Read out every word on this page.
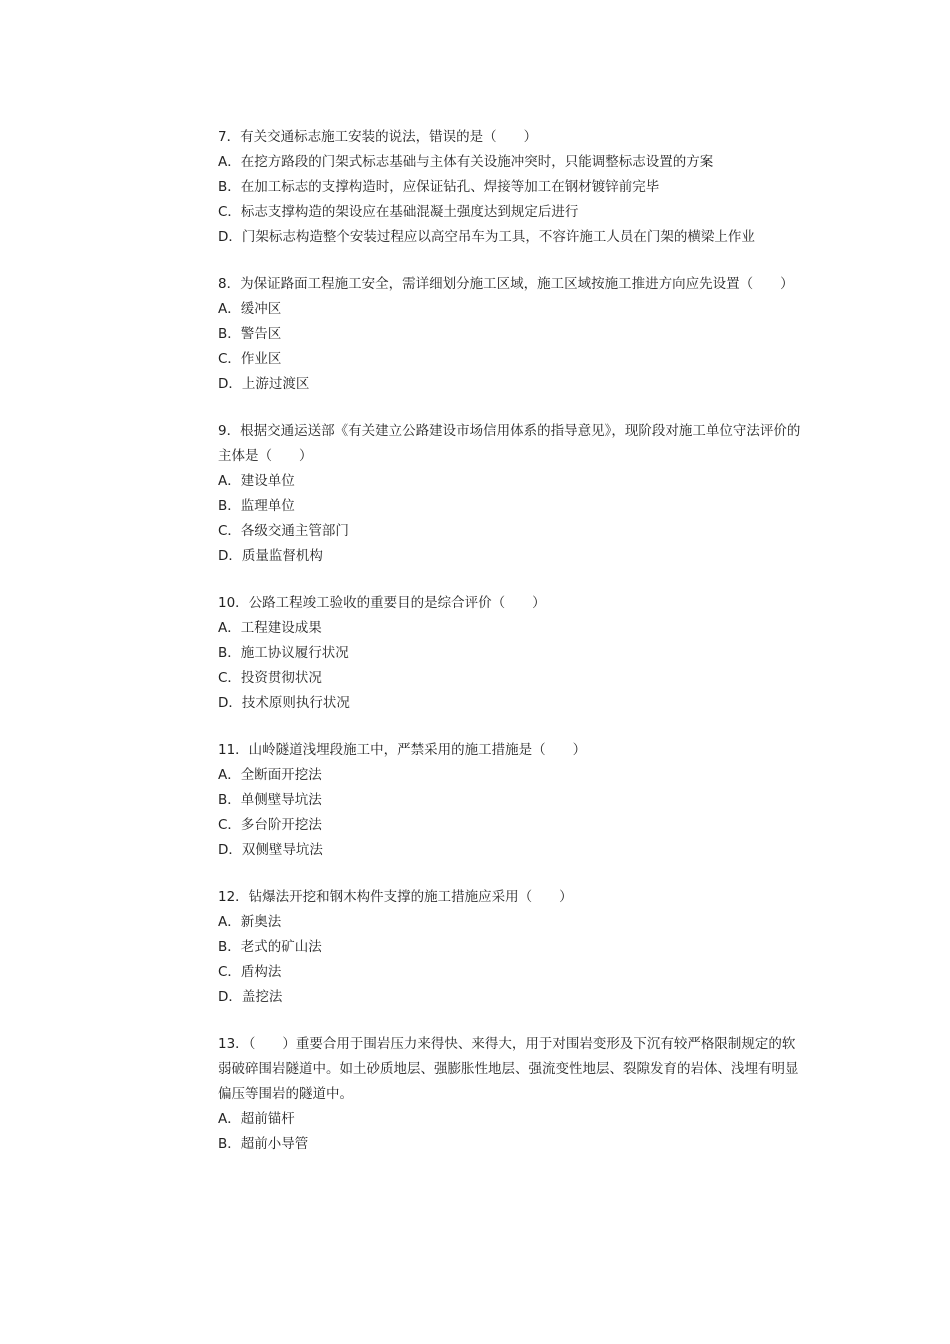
7．有关交通标志施工安装的说法，错误的是（　　）
A．在挖方路段的门架式标志基础与主体有关设施冲突时，只能调整标志设置的方案
B．在加工标志的支撑构造时，应保证钻孔、焊接等加工在钢材镀锌前完毕
C．标志支撑构造的架设应在基础混凝土强度达到规定后进行
D．门架标志构造整个安装过程应以高空吊车为工具，不容许施工人员在门架的横梁上作业
8．为保证路面工程施工安全，需详细划分施工区域，施工区域按施工推进方向应先设置（　　）
A．缓冲区
B．警告区
C．作业区
D．上游过渡区
9．根据交通运送部《有关建立公路建设市场信用体系的指导意见》，现阶段对施工单位守法评价的主体是（　　）
A．建设单位
B．监理单位
C．各级交通主管部门
D．质量监督机构
10．公路工程竣工验收的重要目的是综合评价（　　）
A．工程建设成果
B．施工协议履行状况
C．投资贯彻状况
D．技术原则执行状况
11．山岭隧道浅埋段施工中，严禁采用的施工措施是（　　）
A．全断面开挖法
B．单侧壁导坑法
C．多台阶开挖法
D．双侧壁导坑法
12．钻爆法开挖和钢木构件支撑的施工措施应采用（　　）
A．新奥法
B．老式的矿山法
C．盾构法
D．盖挖法
13．（　　）重要合用于围岩压力来得快、来得大，用于对围岩变形及下沉有较严格限制规定的软弱破碎围岩隧道中。如土砂质地层、强膨胀性地层、强流变性地层、裂隙发育的岩体、浅埋有明显偏压等围岩的隧道中。
A．超前锚杆
B．超前小导管
